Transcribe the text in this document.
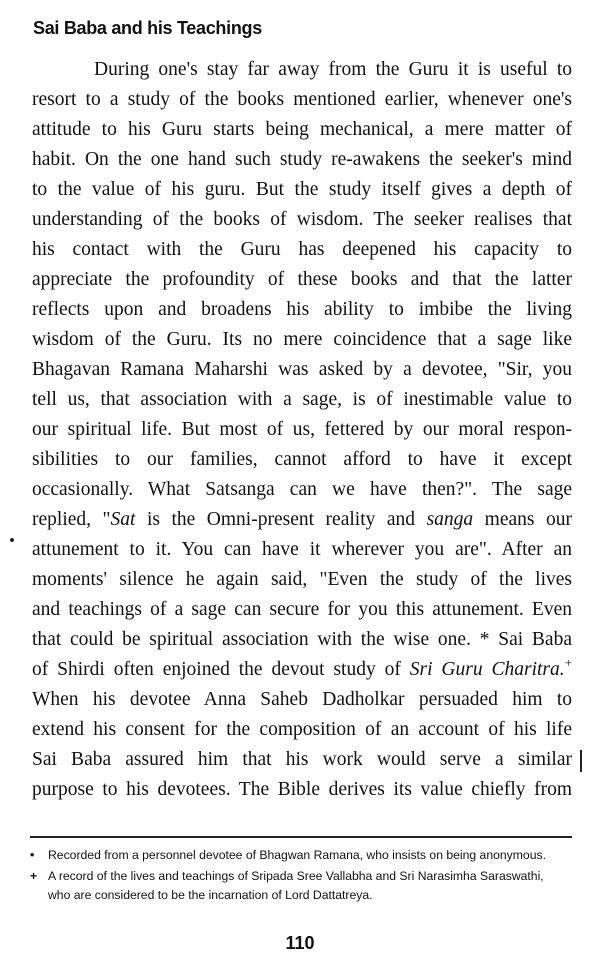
Sai Baba and his Teachings
During one's stay far away from the Guru it is useful to
resort to a study of the books mentioned earlier, whenever one's
attitude to his Guru starts being mechanical, a mere matter of
habit. On the one hand such study re-awakens the seeker's mind
to the value of his guru. But the study itself gives a depth of
understanding of the books of wisdom. The seeker realises that
his contact with the Guru has deepened his capacity to
appreciate the profoundity of these books and that the latter
reflects upon and broadens his ability to imbibe the living
wisdom of the Guru. Its no mere coincidence that a sage like
Bhagavan Ramana Maharshi was asked by a devotee, "Sir, you
tell us, that association with a sage, is of inestimable value to
our spiritual life. But most of us, fettered by our moral respon-
sibilities to our families, cannot afford to have it except
occasionally. What Satsanga can we have then?". The sage
replied, "Sat is the Omni-present reality and sanga means our
attunement to it. You can have it wherever you are". After an
moments' silence he again said, "Even the study of the lives
and teachings of a sage can secure for you this attunement. Even
that could be spiritual association with the wise one. * Sai Baba
of Shirdi often enjoined the devout study of Sri Guru Charitra.+
When his devotee Anna Saheb Dadholkar persuaded him to
extend his consent for the composition of an account of his life
Sai Baba assured him that his work would serve a similar
purpose to his devotees. The Bible derives its value chiefly from
• Recorded from a personnel devotee of Bhagwan Ramana, who insists on being anonymous.
+ A record of the lives and teachings of Sripada Sree Vallabha and Sri Narasimha Saraswathi, who are considered to be the incarnation of Lord Dattatreya.
110
